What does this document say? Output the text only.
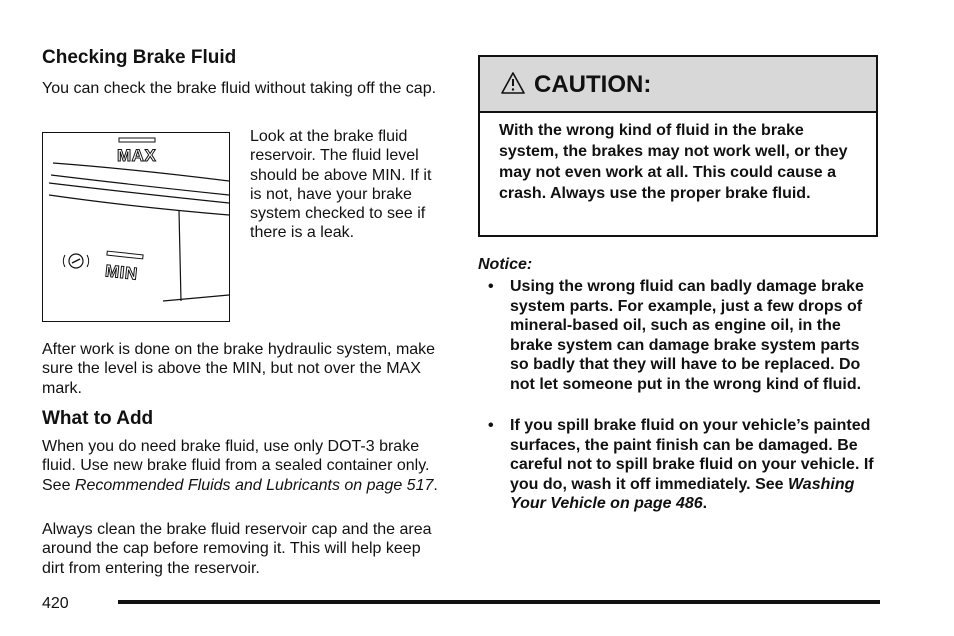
Checking Brake Fluid
You can check the brake fluid without taking off the cap.
MAX
MIN
Look at the brake fluid reservoir. The fluid level should be above MIN. If it is not, have your brake system checked to see if there is a leak.
After work is done on the brake hydraulic system, make sure the level is above the MIN, but not over the MAX mark.
What to Add
When you do need brake fluid, use only DOT-3 brake fluid. Use new brake fluid from a sealed container only. See Recommended Fluids and Lubricants on page 517.
Always clean the brake fluid reservoir cap and the area around the cap before removing it. This will help keep dirt from entering the reservoir.
CAUTION:
With the wrong kind of fluid in the brake system, the brakes may not work well, or they may not even work at all. This could cause a crash. Always use the proper brake fluid.
Notice:
•	Using the wrong fluid can badly damage brake system parts. For example, just a few drops of mineral-based oil, such as engine oil, in the brake system can damage brake system parts so badly that they will have to be replaced. Do not let someone put in the wrong kind of fluid.
•	If you spill brake fluid on your vehicle’s painted surfaces, the paint finish can be damaged. Be careful not to spill brake fluid on your vehicle. If you do, wash it off immediately. See Washing Your Vehicle on page 486.
420
